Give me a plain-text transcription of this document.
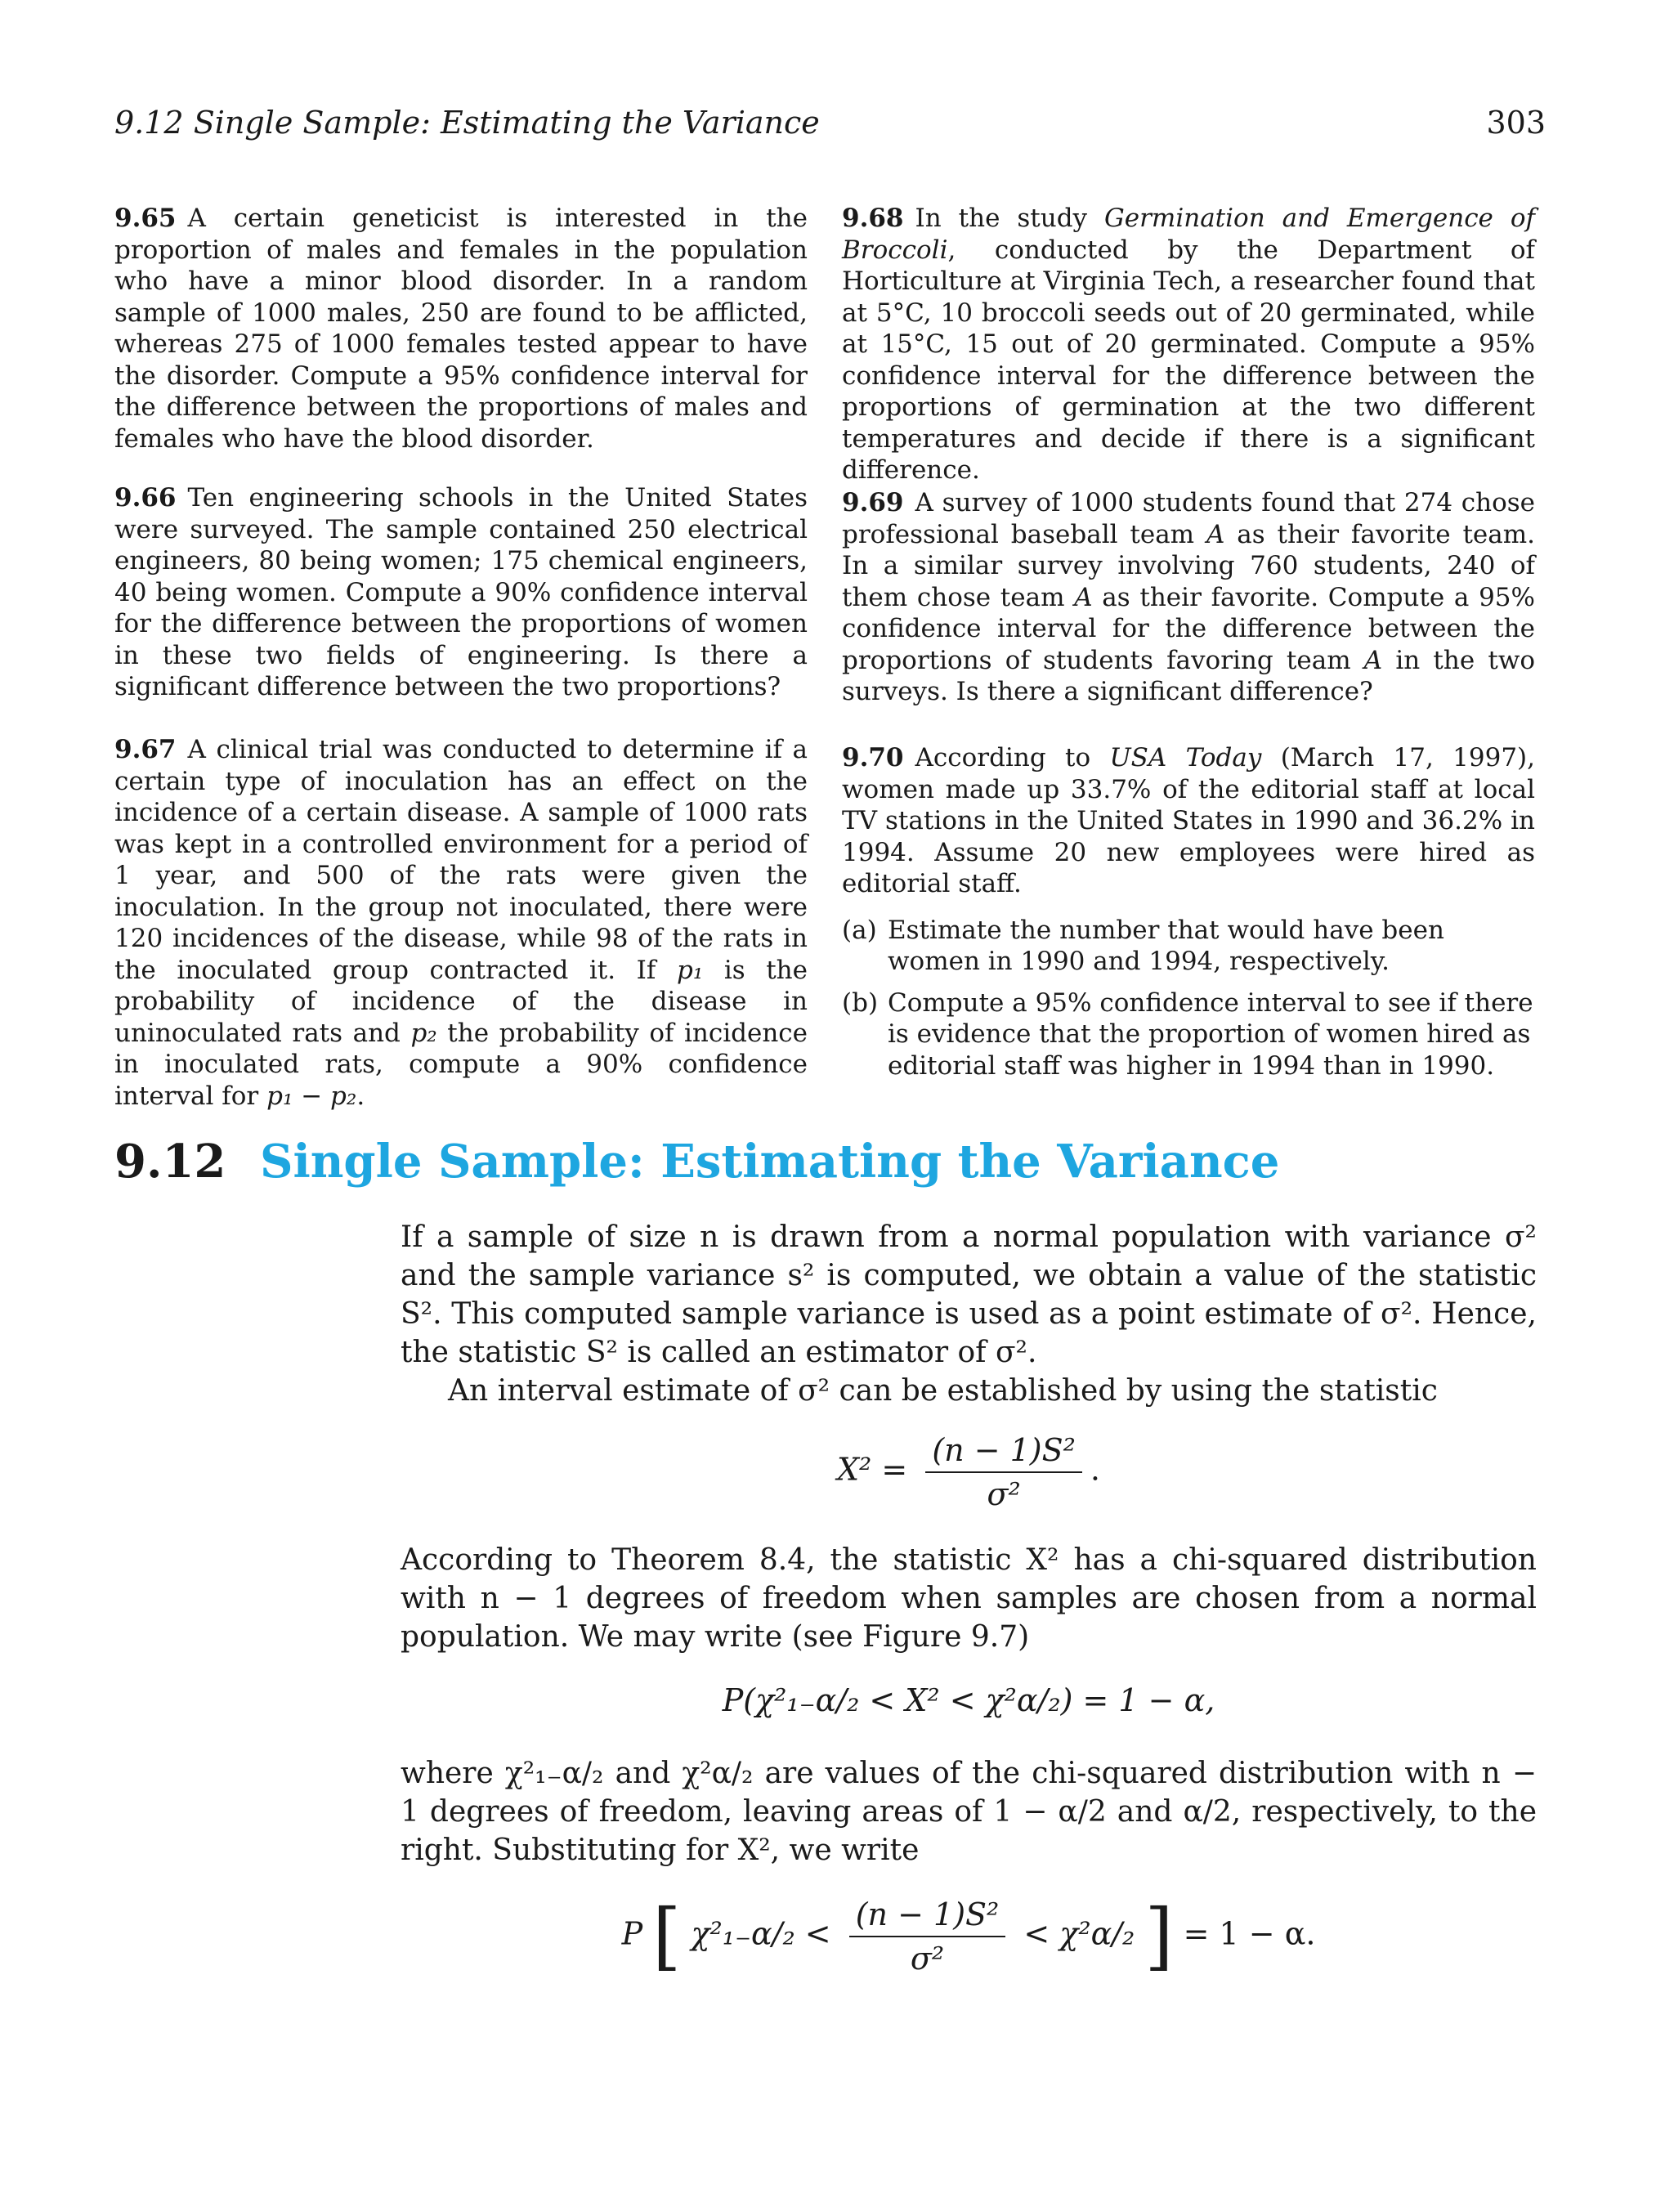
9.12 Single Sample: Estimating the Variance	303

9.65 A certain geneticist is interested in the proportion of males and females in the population who have a minor blood disorder. In a random sample of 1000 males, 250 are found to be afflicted, whereas 275 of 1000 females tested appear to have the disorder. Compute a 95% confidence interval for the difference between the proportions of males and females who have the blood disorder.

9.66 Ten engineering schools in the United States were surveyed. The sample contained 250 electrical engineers, 80 being women; 175 chemical engineers, 40 being women. Compute a 90% confidence interval for the difference between the proportions of women in these two fields of engineering. Is there a significant difference between the two proportions?

9.67 A clinical trial was conducted to determine if a certain type of inoculation has an effect on the incidence of a certain disease. A sample of 1000 rats was kept in a controlled environment for a period of 1 year, and 500 of the rats were given the inoculation. In the group not inoculated, there were 120 incidences of the disease, while 98 of the rats in the inoculated group contracted it. If p₁ is the probability of incidence of the disease in uninoculated rats and p₂ the probability of incidence in inoculated rats, compute a 90% confidence interval for p₁ − p₂.

9.68 In the study Germination and Emergence of Broccoli, conducted by the Department of Horticulture at Virginia Tech, a researcher found that at 5°C, 10 broccoli seeds out of 20 germinated, while at 15°C, 15 out of 20 germinated. Compute a 95% confidence interval for the difference between the proportions of germination at the two different temperatures and decide if there is a significant difference.

9.69 A survey of 1000 students found that 274 chose professional baseball team A as their favorite team. In a similar survey involving 760 students, 240 of them chose team A as their favorite. Compute a 95% confidence interval for the difference between the proportions of students favoring team A in the two surveys. Is there a significant difference?

9.70 According to USA Today (March 17, 1997), women made up 33.7% of the editorial staff at local TV stations in the United States in 1990 and 36.2% in 1994. Assume 20 new employees were hired as editorial staff.

(a) Estimate the number that would have been women in 1990 and 1994, respectively.
(b) Compute a 95% confidence interval to see if there is evidence that the proportion of women hired as editorial staff was higher in 1994 than in 1990.
9.12 Single Sample: Estimating the Variance

If a sample of size n is drawn from a normal population with variance σ² and the sample variance s² is computed, we obtain a value of the statistic S². This computed sample variance is used as a point estimate of σ². Hence, the statistic S² is called an estimator of σ².

An interval estimate of σ² can be established by using the statistic

$X^2 = \frac{\text{(n − 1)S²}}{\text{σ²}}$ .

According to Theorem 8.4, the statistic X² has a chi-squared distribution with n − 1 degrees of freedom when samples are chosen from a normal population. We may write (see Figure 9.7)

P(χ²₁₋α/₂ < X² < χ²α/₂) = 1 − α,

where χ²₁₋α/₂ and χ²α/₂ are values of the chi-squared distribution with n − 1 degrees of freedom, leaving areas of 1 − α/2 and α/2, respectively, to the right. Substituting for X², we write

P [ $\chi^2_{1-}\alpha/_2 < \frac{\text{(n − 1)S²}}{\text{σ²}} < \chi^2\alpha/_2$ ] = 1 − α.
